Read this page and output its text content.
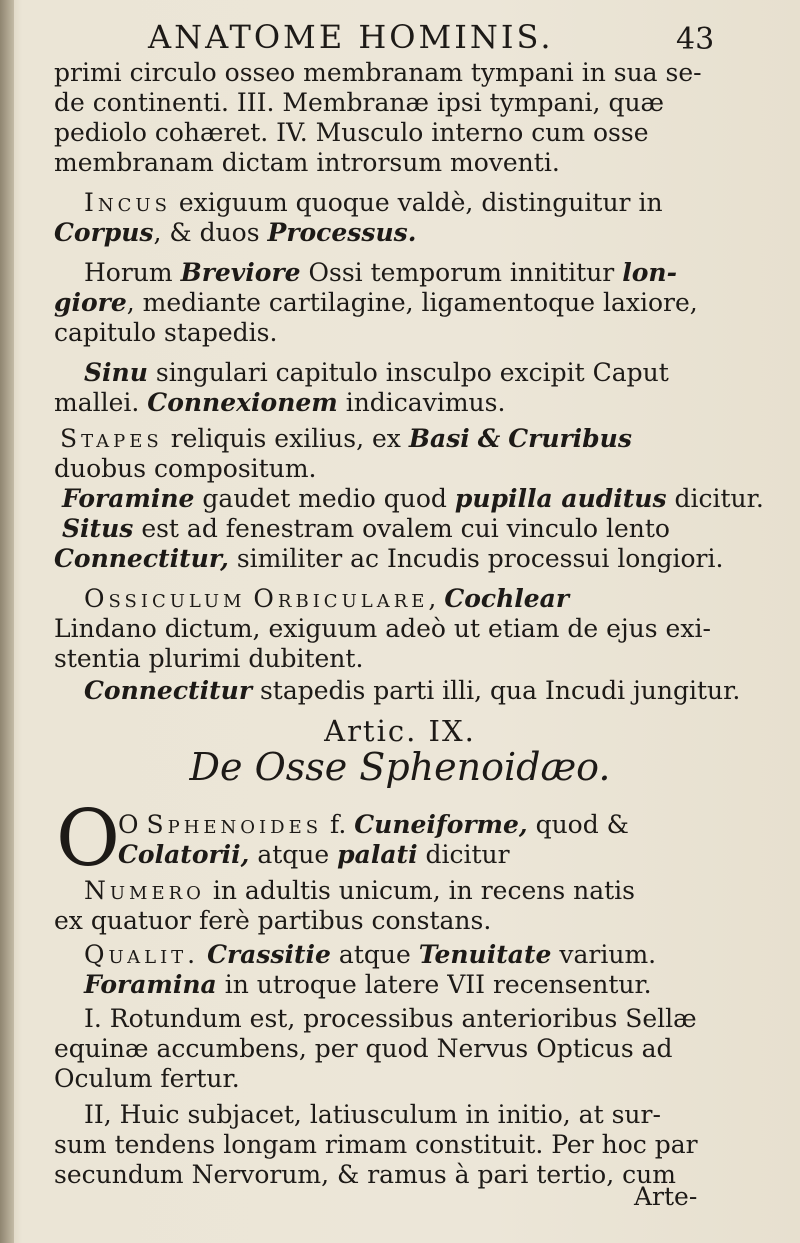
ANATOME HOMINIS.	43
primi circulo osseo membranam tympani in sua se-
de continenti. III. Membranæ ipsi tympani, quæ
pediolo cohæret. IV. Musculo interno cum osse
membranam dictam introrsum moventi.
Incus exiguum quoque valdè, distinguitur in
Corpus, & duos Processus.
Horum Breviore Ossi temporum innititur lon-
giore, mediante cartilagine, ligamentoque laxiore,
capitulo stapedis.
Sinu singulari capitulo insculpo excipit Caput
mallei. Connexionem indicavimus.
Stapes reliquis exilius, ex Basi & Cruribus
duobus compositum.
Foramine gaudet medio quod pupilla auditus dicitur.
Situs est ad fenestram ovalem cui vinculo lento
Connectitur, similiter ac Incudis processui longiori.
Ossiculum Orbiculare, Cochlear
Lindano dictum, exiguum adeò ut etiam de ejus exi-
stentia plurimi dubitent.
Connectitur stapedis parti illi, qua Incudi jungitur.
Artic. IX.
De Osse Sphenoidæo.
O
O Sphenoides f. Cuneiforme, quod &
Colatorii, atque palati dicitur
Numero in adultis unicum, in recens natis
ex quatuor ferè partibus constans.
Qualit. Crassitie atque Tenuitate varium.
Foramina in utroque latere VII recensentur.
I. Rotundum est, processibus anterioribus Sellæ
equinæ accumbens, per quod Nervus Opticus ad
Oculum fertur.
II, Huic subjacet, latiusculum in initio, at sur-
sum tendens longam rimam constituit. Per hoc par
secundum Nervorum, & ramus à pari tertio, cum
Arte-
